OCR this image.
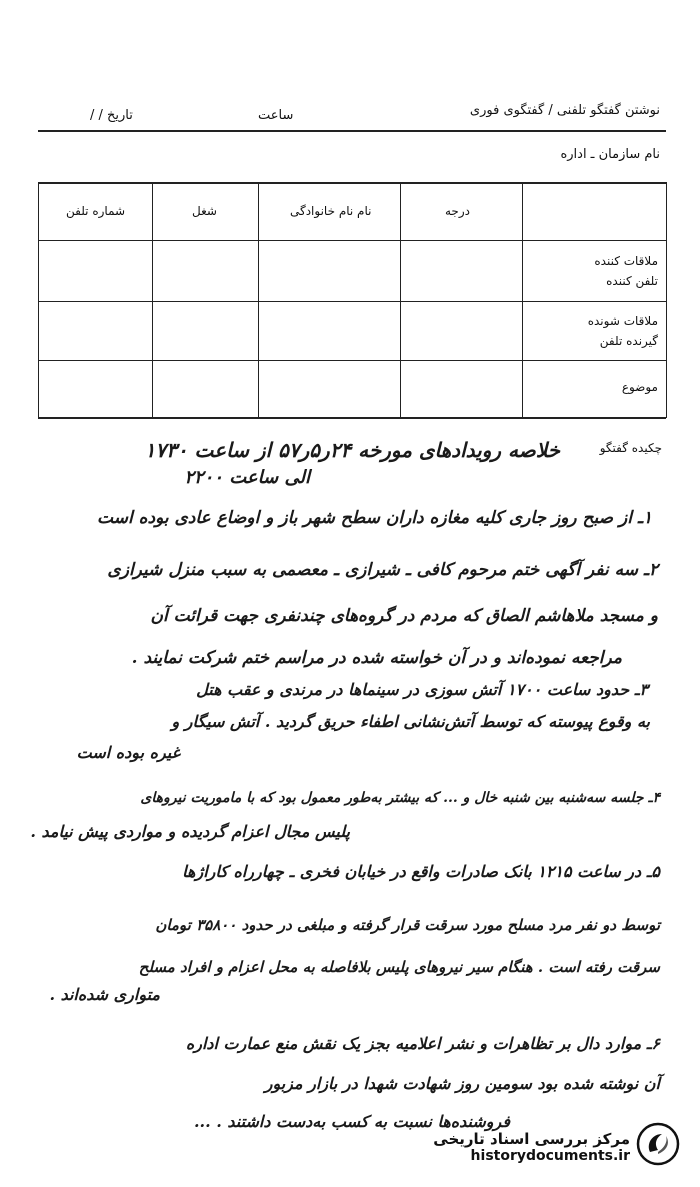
نوشتن گفتگو تلفنی / گفتگوی فوری
ساعت
تاریخ / /
نام سازمان ـ اداره
درجه
نام نام خانوادگی
شغل
شماره تلفن
ملاقات کننده
تلفن کننده
ملاقات شونده
گیرنده تلفن
موضوع
چکیده گفتگو
خلاصه رویدادهای مورخه ۲۴ر۵ر۵۷ از ساعت ۱۷۳۰
الی ساعت ۲۲۰۰
۱ـ از صبح روز جاری کلیه مغازه داران سطح شهر باز و اوضاع عادی بوده است
۲ـ سه نفر آگهی ختم مرحوم کافی ـ شیرازی ـ معصمی به سبب منزل شیرازی
و مسجد ملاهاشم الصاق که مردم در گروه‌های چندنفری جهت قرائت آن
مراجعه نموده‌اند و در آن خواسته شده در مراسم ختم شرکت نمایند .
۳ـ حدود ساعت ۱۷۰۰ آتش سوزی در سینماها در مرندی و عقب هتل
به وقوع پیوسته که توسط آتش‌نشانی اطفاء حریق گردید . آتش سیگار و
غیره بوده است
۴ـ جلسه سه‌شنبه بین شنبه خال و ... که بیشتر به‌طور معمول بود که با ماموریت نیروهای
پلیس مجال اعزام گردیده و مواردی پیش نیامد .
۵ـ در ساعت ۱۲۱۵ بانک صادرات واقع در خیابان فخری ـ چهارراه کاراژها
توسط دو نفر مرد مسلح مورد سرقت قرار گرفته و مبلغی در حدود ۳۵۸۰۰ تومان
سرقت رفته است . هنگام سیر نیروهای پلیس بلافاصله به محل اعزام و افراد مسلح
متواری شده‌اند .
۶ـ موارد دال بر تظاهرات و نشر اعلامیه بجز یک نقش منع عمارت اداره
آن نوشته شده بود سومین روز شهادت شهدا در بازار مزبور
فروشنده‌ها نسبت به کسب به‌دست داشتند . ...
مرکز بررسی اسناد تاریخی
historydocuments.ir
